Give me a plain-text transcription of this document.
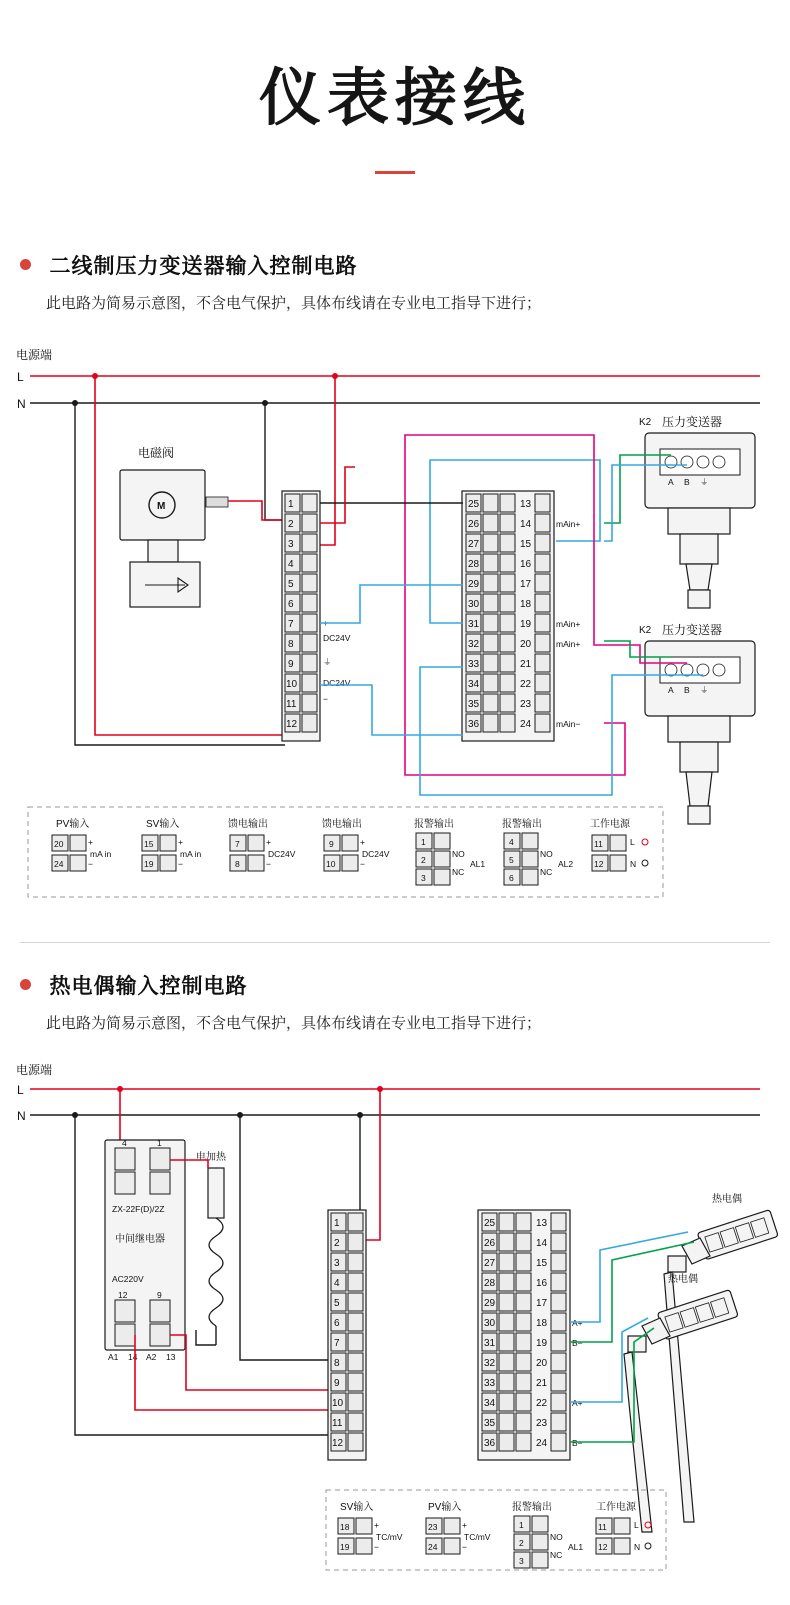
仪表接线
二线制压力变送器输入控制电路
此电路为简易示意图，不含电气保护，具体布线请在专业电工指导下进行；
电源端
L
N
电磁阀
M	1
2
3
4
5
6
7
8
9
10
11
12
+
DC24V
⏚
DC24V
−
25	13
26	14
27	15
28	16
29	17
30	18
31	19
32	20
33	21
34	22
35	23
36	24
mAin+
mAin+
mAin+
mAin−
K2 压力变送器
A B ⏚
K2 压力变送器
A B ⏚
PV输入
20	+
24	−
mA in
SV输入
15	+
19	−
mA in
馈电输出
7	+
8	−
DC24V
馈电输出
9	+
10	−
DC24V
报警输出
1
2
NO
3
NC
AL1
报警输出
4
5
NO
6
NC
AL2
工作电源
11	L
12	N
热电偶输入控制电路
此电路为简易示意图，不含电气保护，具体布线请在专业电工指导下进行；
电源端
L
N
4	1
ZX-22F(D)/2Z
中间继电器
AC220V
12	9
A1 14 A2 13
电加热
1
2
3
4
5
6
7
8
9
10
11
12
25	13
26	14
27	15
28	16
29	17
30	18
31	19
32	20
33	21
34	22
35	23
36	24
A+
B−
A+
B−
热电偶
热电偶
SV输入
18	+
19	−
TC/mV
PV输入
23	+
24	−
TC/mV
报警输出
1
2
NO
3
NC
AL1
工作电源
11	L
12	N
